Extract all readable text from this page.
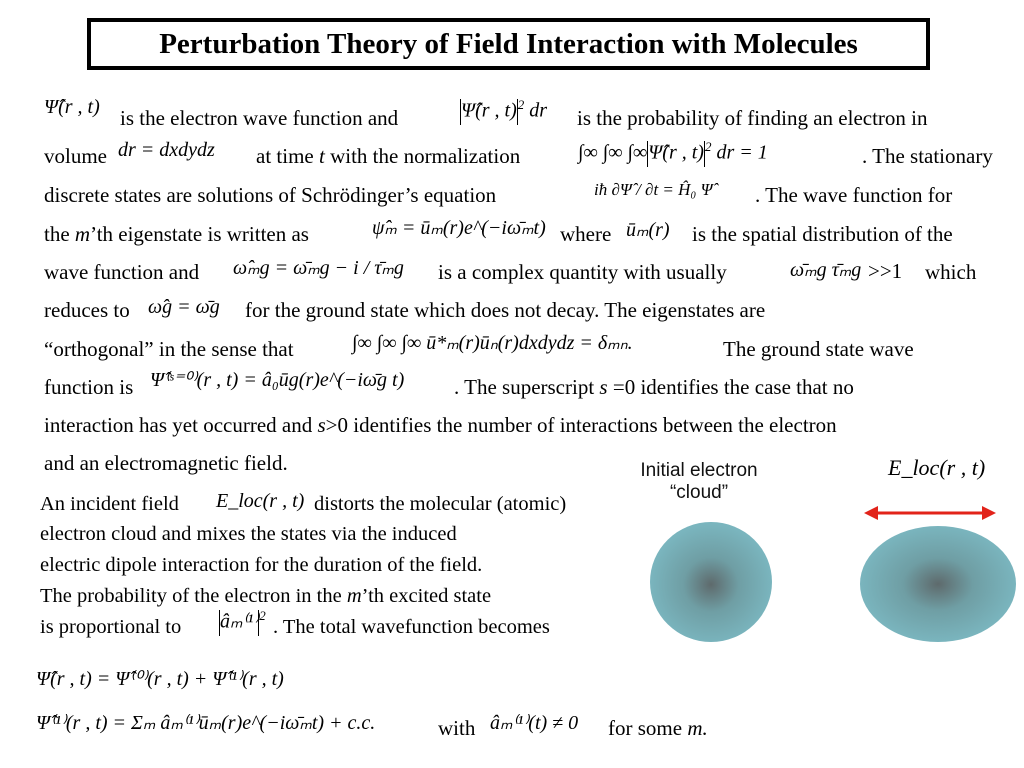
Perturbation Theory of Field Interaction with Molecules
Ψ̂(r , t) is the electron wave function and	Ψ̂(r , t)$^2$ dr is the probability of finding an electron in
volume dr = dxdydz at time t with the normalization	∫∞ ∫∞ ∫∞Ψ̂(r , t)$^2$ dr = 1	. The stationary
discrete states are solutions of Schrödinger’s equation	iħ ∂Ψ̂ / ∂t = Ĥ₀ Ψ̂ . The wave function for
the m’th eigenstate is written as	ψ̂ₘ = ūₘ(r)e^(−iω̄ₘt) where ūₘ(r) is the spatial distribution of the
wave function and ω̂ₘg = ω̄ₘg − i / τ̄ₘg is a complex quantity with usually	ω̄ₘg τ̄ₘg >>1 which
reduces to ω̂g = ω̄g for the ground state which does not decay. The eigenstates are
“orthogonal” in the sense that	∫∞ ∫∞ ∫∞ ū*ₘ(r)ūₙ(r)dxdydz = δₘₙ.	The ground state wave
function is Ψ̂⁽ˢ⁼⁰⁾(r , t) = â₀ūg(r)e^(−iω̄g t) . The superscript s =0 identifies the case that no
interaction has yet occurred and s>0 identifies the number of interactions between the electron
and an electromagnetic field.
An incident field E_loc(r , t) distorts the molecular (atomic)
electron cloud and mixes the states via the induced
electric dipole interaction for the duration of the field.
The probability of the electron in the m’th excited state
is proportional to âₘ⁽¹⁾$^2$
. The total wavefunction becomes
Ψ̂(r , t) = Ψ̂⁽⁰⁾(r , t) + Ψ̂⁽¹⁾(r , t)
Ψ̂⁽¹⁾(r , t) = Σₘ âₘ⁽¹⁾ūₘ(r)e^(−iω̄ₘt) + c.c.	with âₘ⁽¹⁾(t) ≠ 0 for some m.
Initial electron “cloud”
E_loc(r , t)
